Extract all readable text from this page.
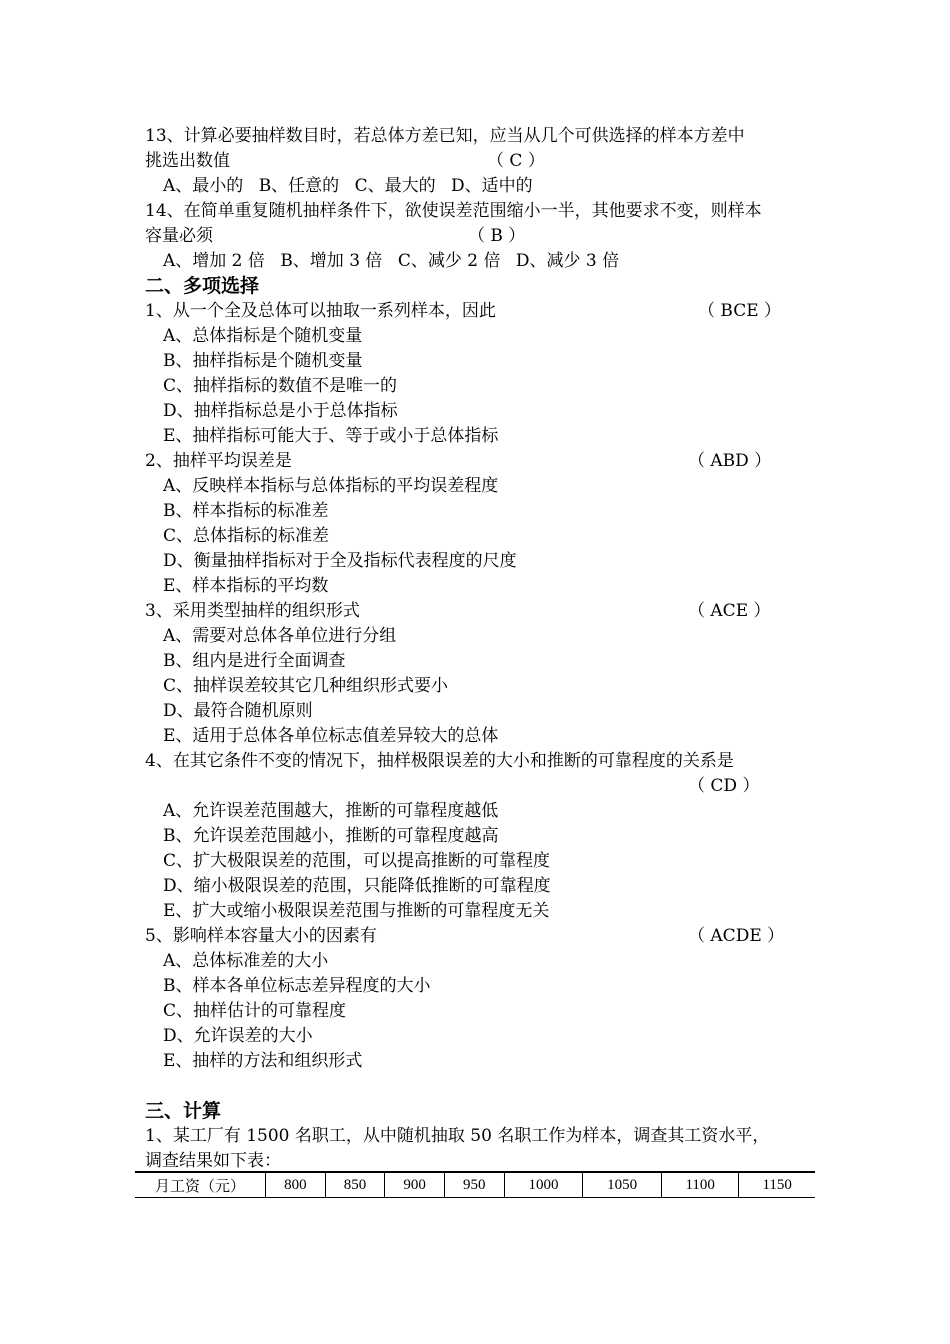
13、计算必要抽样数目时，若总体方差已知，应当从几个可供选择的样本方差中
挑选出数值	（ C ）
A、最小的 B、任意的 C、最大的 D、适中的
14、在简单重复随机抽样条件下，欲使误差范围缩小一半，其他要求不变，则样本
容量必须	（ B ）
A、增加 2 倍 B、增加 3 倍 C、减少 2 倍 D、减少 3 倍
二、多项选择
1、从一个全及总体可以抽取一系列样本，因此	（ BCE ）
A、总体指标是个随机变量
B、抽样指标是个随机变量
C、抽样指标的数值不是唯一的
D、抽样指标总是小于总体指标
E、抽样指标可能大于、等于或小于总体指标
2、抽样平均误差是	（ ABD ）
A、反映样本指标与总体指标的平均误差程度
B、样本指标的标准差
C、总体指标的标准差
D、衡量抽样指标对于全及指标代表程度的尺度
E、样本指标的平均数
3、采用类型抽样的组织形式	（ ACE ）
A、需要对总体各单位进行分组
B、组内是进行全面调查
C、抽样误差较其它几种组织形式要小
D、最符合随机原则
E、适用于总体各单位标志值差异较大的总体
4、在其它条件不变的情况下，抽样极限误差的大小和推断的可靠程度的关系是
（ CD ）
A、允许误差范围越大，推断的可靠程度越低
B、允许误差范围越小，推断的可靠程度越高
C、扩大极限误差的范围，可以提高推断的可靠程度
D、缩小极限误差的范围，只能降低推断的可靠程度
E、扩大或缩小极限误差范围与推断的可靠程度无关
5、影响样本容量大小的因素有	（ ACDE ）
A、总体标准差的大小
B、样本各单位标志差异程度的大小
C、抽样估计的可靠程度
D、允许误差的大小
E、抽样的方法和组织形式
三、计算
1、某工厂有 1500 名职工，从中随机抽取 50 名职工作为样本，调查其工资水平，
调查结果如下表：
月工资（元）	800	850	900	950	1000	1050	1100	1150
